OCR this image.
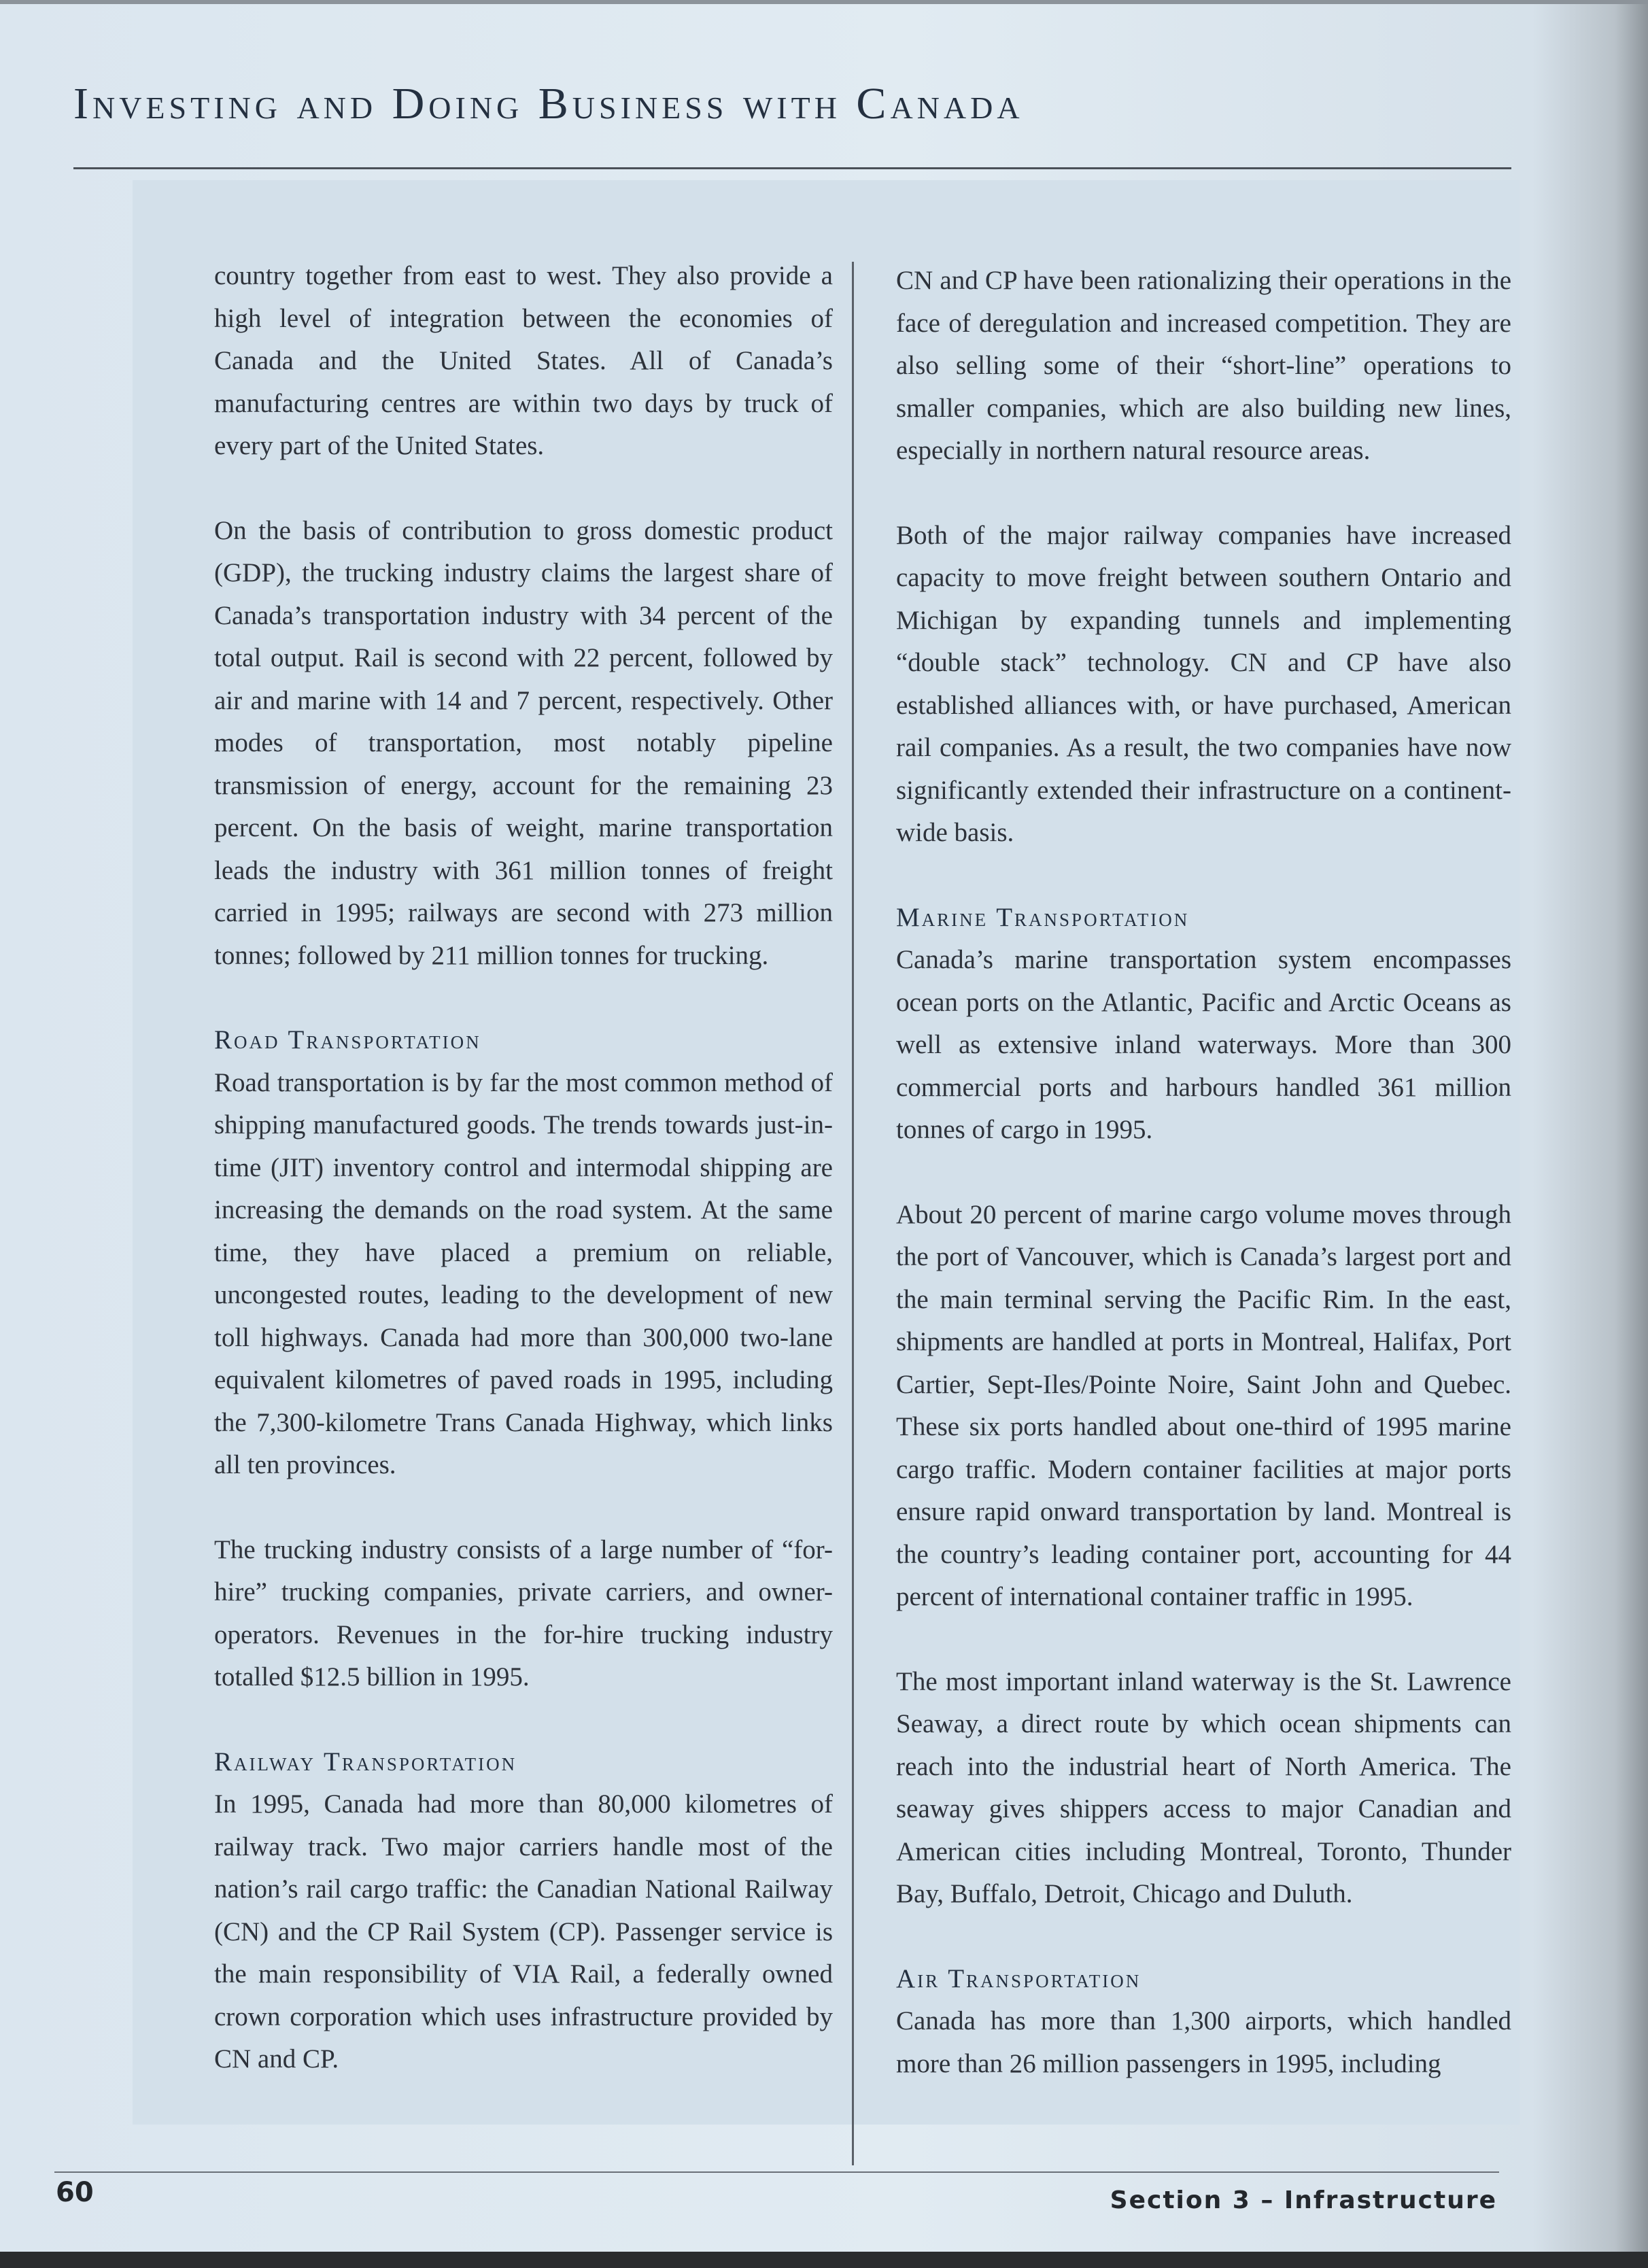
Investing and Doing Business with Canada

country together from east to west. They also provide a high level of integration between the economies of Canada and the United States. All of Canada’s manufacturing centres are within two days by truck of every part of the United States.

On the basis of contribution to gross domestic product (GDP), the trucking industry claims the largest share of Canada’s transportation industry with 34 percent of the total output. Rail is second with 22 percent, followed by air and marine with 14 and 7 percent, respectively. Other modes of transportation, most notably pipeline transmission of energy, account for the remaining 23 percent. On the basis of weight, marine transportation leads the industry with 361 million tonnes of freight carried in 1995; railways are second with 273 million tonnes; followed by 211 million tonnes for trucking.

Road Transportation

Road transportation is by far the most common method of shipping manufactured goods. The trends towards just-in-time (JIT) inventory control and intermodal shipping are increasing the demands on the road system. At the same time, they have placed a premium on reliable, uncongested routes, leading to the development of new toll highways. Canada had more than 300,000 two-lane equivalent kilometres of paved roads in 1995, including the 7,300-kilometre Trans Canada Highway, which links all ten provinces.

The trucking industry consists of a large number of “for-hire” trucking companies, private carriers, and owner-operators. Revenues in the for-hire trucking industry totalled $12.5 billion in 1995.

Railway Transportation

In 1995, Canada had more than 80,000 kilometres of railway track. Two major carriers handle most of the nation’s rail cargo traffic: the Canadian National Railway (CN) and the CP Rail System (CP). Passenger service is the main responsibility of VIA Rail, a federally owned crown corporation which uses infrastructure provided by CN and CP.

CN and CP have been rationalizing their operations in the face of deregulation and increased competition. They are also selling some of their “short-line” operations to smaller companies, which are also building new lines, especially in northern natural resource areas.

Both of the major railway companies have increased capacity to move freight between southern Ontario and Michigan by expanding tunnels and implementing “double stack” technology. CN and CP have also established alliances with, or have purchased, American rail companies. As a result, the two companies have now significantly extended their infrastructure on a continent-wide basis.

Marine Transportation

Canada’s marine transportation system encompasses ocean ports on the Atlantic, Pacific and Arctic Oceans as well as extensive inland waterways. More than 300 commercial ports and harbours handled 361 million tonnes of cargo in 1995.

About 20 percent of marine cargo volume moves through the port of Vancouver, which is Canada’s largest port and the main terminal serving the Pacific Rim. In the east, shipments are handled at ports in Montreal, Halifax, Port Cartier, Sept-Iles/Pointe Noire, Saint John and Quebec. These six ports handled about one-third of 1995 marine cargo traffic. Modern container facilities at major ports ensure rapid onward transportation by land. Montreal is the country’s leading container port, accounting for 44 percent of international container traffic in 1995.

The most important inland waterway is the St. Lawrence Seaway, a direct route by which ocean shipments can reach into the industrial heart of North America. The seaway gives shippers access to major Canadian and American cities including Montreal, Toronto, Thunder Bay, Buffalo, Detroit, Chicago and Duluth.

Air Transportation

Canada has more than 1,300 airports, which handled more than 26 million passengers in 1995, including

60	Section 3 – Infrastructure
